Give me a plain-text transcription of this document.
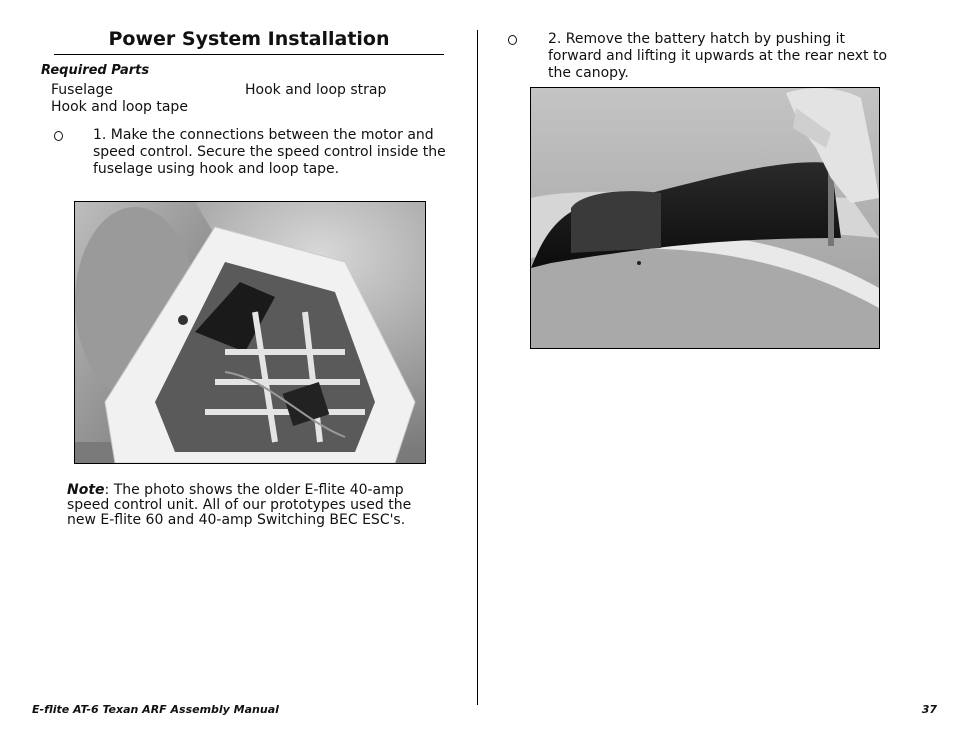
Power System Installation
Required Parts
Fuselage	Hook and loop strap
Hook and loop tape
1. Make the connections between the motor and speed control. Secure the speed control inside the fuselage using hook and loop tape.
Note: The photo shows the older E-flite 40-amp speed control unit. All of our prototypes used the new E-flite 60 and 40-amp Switching BEC ESC's.
2. Remove the battery hatch by pushing it forward and lifting it upwards at the rear next to the canopy.
E-flite AT-6 Texan ARF Assembly Manual	37
